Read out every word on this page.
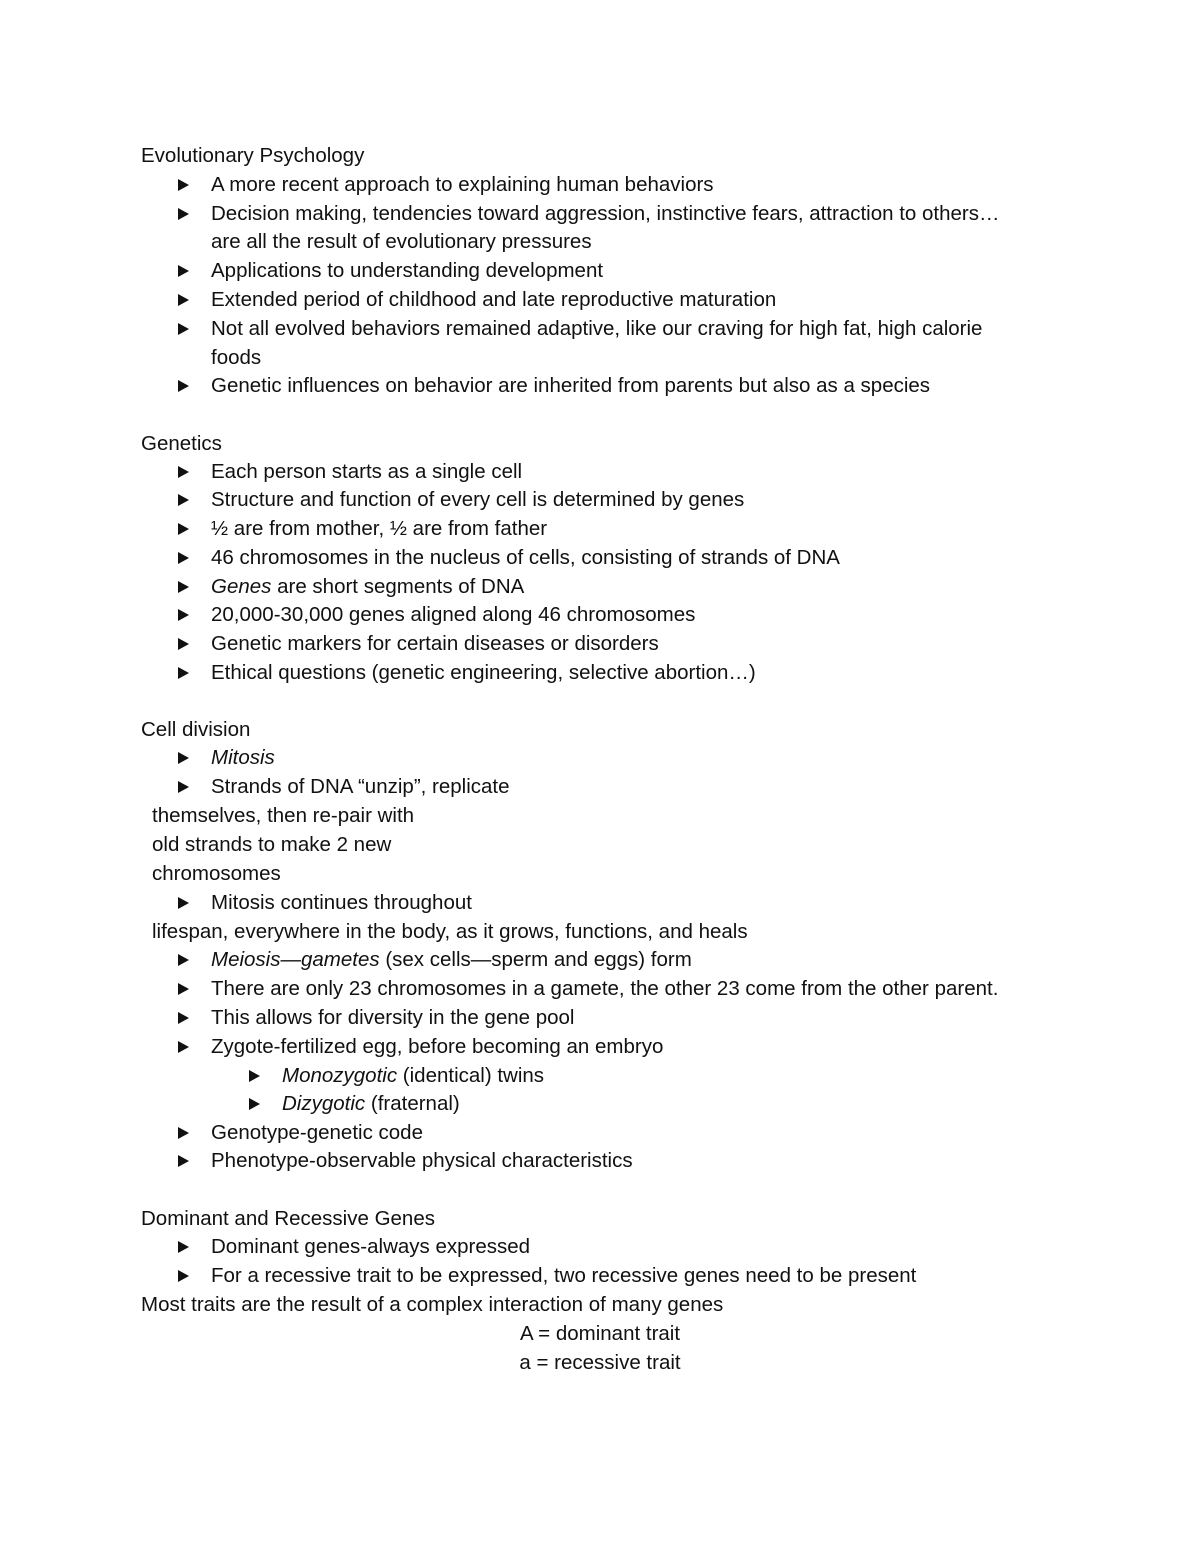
Evolutionary Psychology
A more recent approach to explaining human behaviors
Decision making, tendencies toward aggression, instinctive fears, attraction to others…
are all the result of evolutionary pressures
Applications to understanding development
Extended period of childhood and late reproductive maturation
Not all evolved behaviors remained adaptive, like our craving for high fat, high calorie
foods
Genetic influences on behavior are inherited from parents but also as a species
Genetics
Each person starts as a single cell
Structure and function of every cell is determined by genes
½ are from mother, ½ are from father
46 chromosomes in the nucleus of cells, consisting of strands of DNA
Genes are short segments of DNA
20,000-30,000 genes aligned along 46 chromosomes
Genetic markers for certain diseases or disorders
Ethical questions (genetic engineering, selective abortion…)
Cell division
Mitosis
Strands of DNA “unzip”, replicate
themselves, then re-pair with
old strands to make 2 new
chromosomes
Mitosis continues throughout
lifespan, everywhere in the body, as it grows, functions, and heals
Meiosis—gametes (sex cells—sperm and eggs) form
There are only 23 chromosomes in a gamete, the other 23 come from the other parent.
This allows for diversity in the gene pool
Zygote-fertilized egg, before becoming an embryo
Monozygotic (identical) twins
Dizygotic (fraternal)
Genotype-genetic code
Phenotype-observable physical characteristics
Dominant and Recessive Genes
Dominant genes-always expressed
For a recessive trait to be expressed, two recessive genes need to be present
Most traits are the result of a complex interaction of many genes
A = dominant trait
a = recessive trait
